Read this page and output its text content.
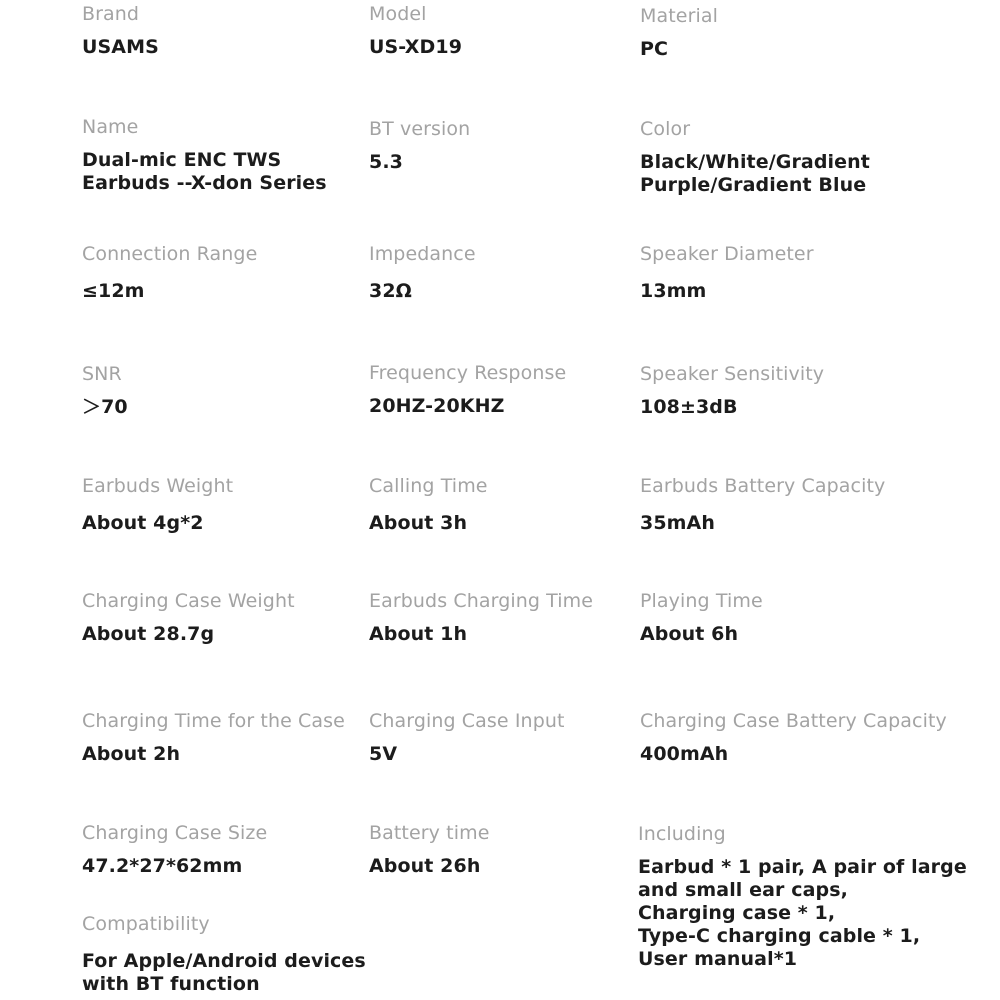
Brand
USAMS
Model
US-XD19
Material
PC
Name
Dual-mic ENC TWS
Earbuds --X-don Series
BT version
5.3
Color
Black/White/Gradient
Purple/Gradient Blue
Connection Range
≤12m
Impedance
32Ω
Speaker Diameter
13mm
SNR
＞70
Frequency Response
20HZ-20KHZ
Speaker Sensitivity
108±3dB
Earbuds Weight
About 4g*2
Calling Time
About 3h
Earbuds Battery Capacity
35mAh
Charging Case Weight
About 28.7g
Earbuds Charging Time
About 1h
Playing Time
About 6h
Charging Time for the Case
About 2h
Charging Case Input
5V
Charging Case Battery Capacity
400mAh
Charging Case Size
47.2*27*62mm
Battery time
About 26h
Including
Earbud * 1 pair, A pair of large
and small ear caps,
Charging case * 1,
Type-C charging cable * 1,
User manual*1
Compatibility
For Apple/Android devices
with BT function
